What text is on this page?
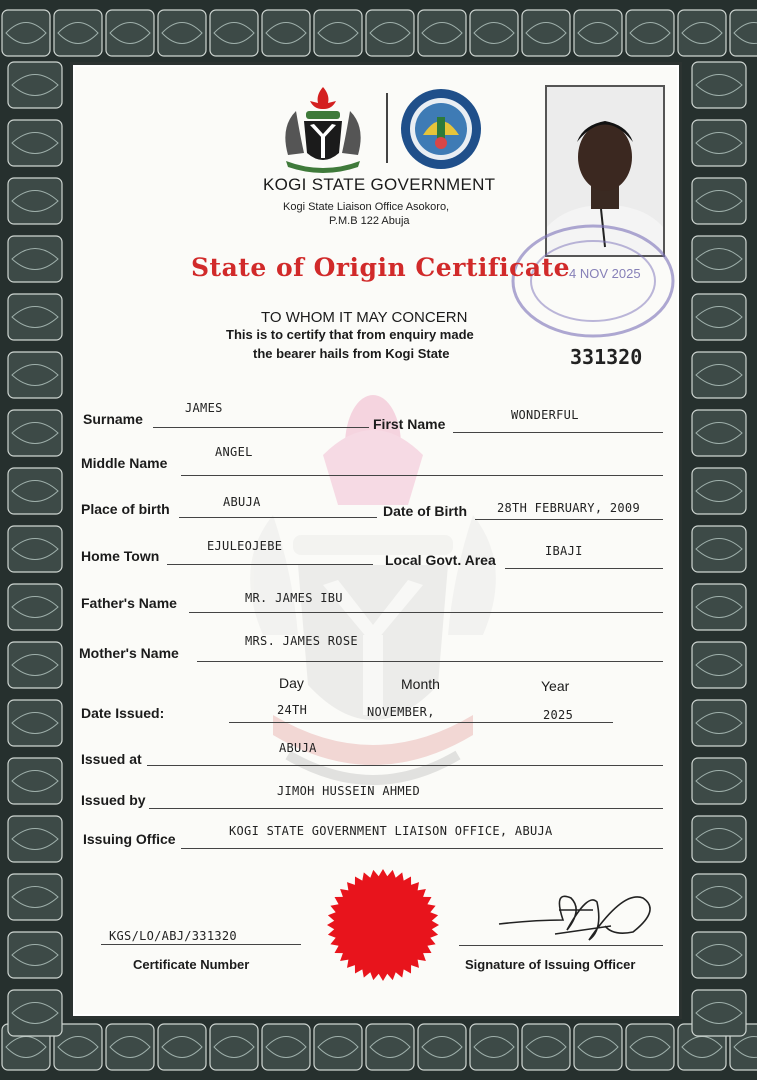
KOGI STATE GOVERNMENT
Kogi State Liaison Office Asokoro,
P.M.B 122 Abuja
4 NOV 2025
State of Origin Certificate
TO WHOM IT MAY CONCERN
This is to certify that from enquiry made
the bearer hails from Kogi State	331320
Surname
JAMES
First Name
WONDERFUL
Middle Name
ANGEL
Place of birth	ABUJA
Date of Birth	28TH FEBRUARY, 2009
Home Town
EJULEOJEBE
Local Govt. Area
IBAJI
Father's Name	MR. JAMES IBU
Mother's Name
MRS. JAMES ROSE
Day	Month	Year
Date Issued:	24TH	NOVEMBER,	2025
Issued at
ABUJA
Issued by
JIMOH HUSSEIN AHMED
Issuing Office	KOGI STATE GOVERNMENT LIAISON OFFICE, ABUJA
KGS/LO/ABJ/331320
Certificate Number	Signature of Issuing Officer
